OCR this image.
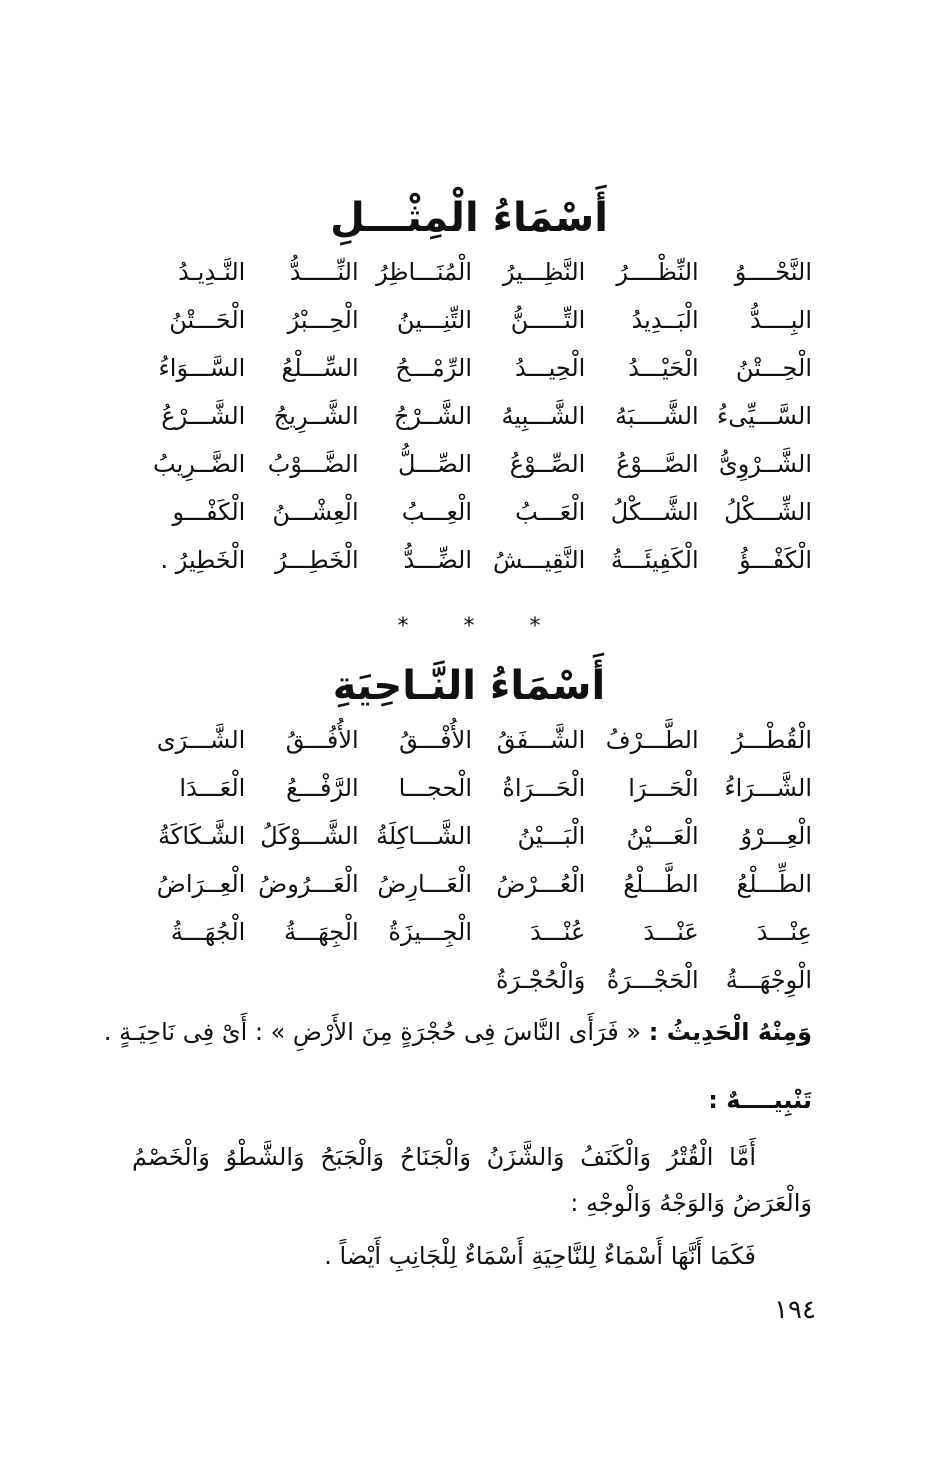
أَسْمَاءُ الْمِثْـــلِ
النَّحْــــوُ
النِّظْــــرُ
النَّظِـــيرُ
الْمُنَـــاظِرُ
النِّـــــدُّ
النَّـدِيـدُ
البِــــدُّ
الْبَــدِيدُ
التِّـــــنُّ
التِّنِـــينُ
الْحِـــبْرُ
الْحَـــتْنُ
الْحِـــتْنُ
الْحَيْـــدُ
الْحِيـــدُ
الرِّمْـــحُ
السِّـــلْعُ
السَّـــوَاءُ
السَّـــيِّىءُ
الشَّــــبَهُ
الشَّـــبِيهُ
الشَّــرْجُ
الشَّــرِيجُ
الشَّـــرْعُ
الشَّــرْوِىُّ
الصَّـــوْعُ
الصِّــوْعُ
الصِّـــلُّ
الضَّـــوْبُ
الضَّــرِيبُ
الشِّـــكْلُ
الشَّـــكْلُ
الْعَـــبُ
الْعِـــبُ
الْعِشْـــنُ
الْكَفْـــو
الْكَفْـــؤُ
الْكَفِيئَـــةُ
النَّقِيـــشُ
الضِّـــدُّ
الْخَطِـــرُ
الْخَطِيرُ .
* * *
أَسْمَاءُ النَّـاحِيَةِ
الْقُطْـــرُ
الطَّـــرْفُ
الشَّـــفَقُ
الأُفْـــقُ
الأُفُـــقُ
الشَّـــرَى
الشَّـــرَاءُ
الْحَـــرَا
الْحَـــرَاةُ
الْحجـــا
الرَّفْـــعُ
الْعَـــدَا
الْعِـــرْوُ
الْعَـــيْنُ
الْبَـــيْنُ
الشَّـــاكِلَةُ
الشَّـــوْكَلُ
الشَّـكَاكَةُ
الطِّـــلْعُ
الطَّـــلْعُ
الْعُـــرْضُ
الْعَـــارِضُ
الْعَـــرُوضُ
الْعِــرَاضُ
عِنْـــدَ
عَنْـــدَ
عُنْـــدَ
الْجِـــيزَةُ
الْجِهَـــةُ
الْجُهَـــةُ
الْوِجْهَـــةُ
الْحَجْـــرَةُ
وَالْحُجْـرَةُ
وَمِنْهُ الْحَدِيثُ : « فَرَأَى النَّاسَ فِى حُجْرَةٍ مِنَ الأَرْضِ » : أَىْ فِى نَاحِيَـةٍ .
تَنْبِيــــهٌ :
أَمَّا الْقُتْرُ وَالْكَنَفُ وَالشَّزَنُ وَالْجَنَاحُ وَالْجَبَحُ وَالشَّطْوُ وَالْخَصْمُ وَالْعَرَضُ وَالوَجْهُ وَالْوجْهِ :
فَكَمَا أَنَّهَا أَسْمَاءٌ لِلنَّاحِيَةِ أَسْمَاءٌ لِلْجَانِبِ أَيْضاً .
١٩٤
